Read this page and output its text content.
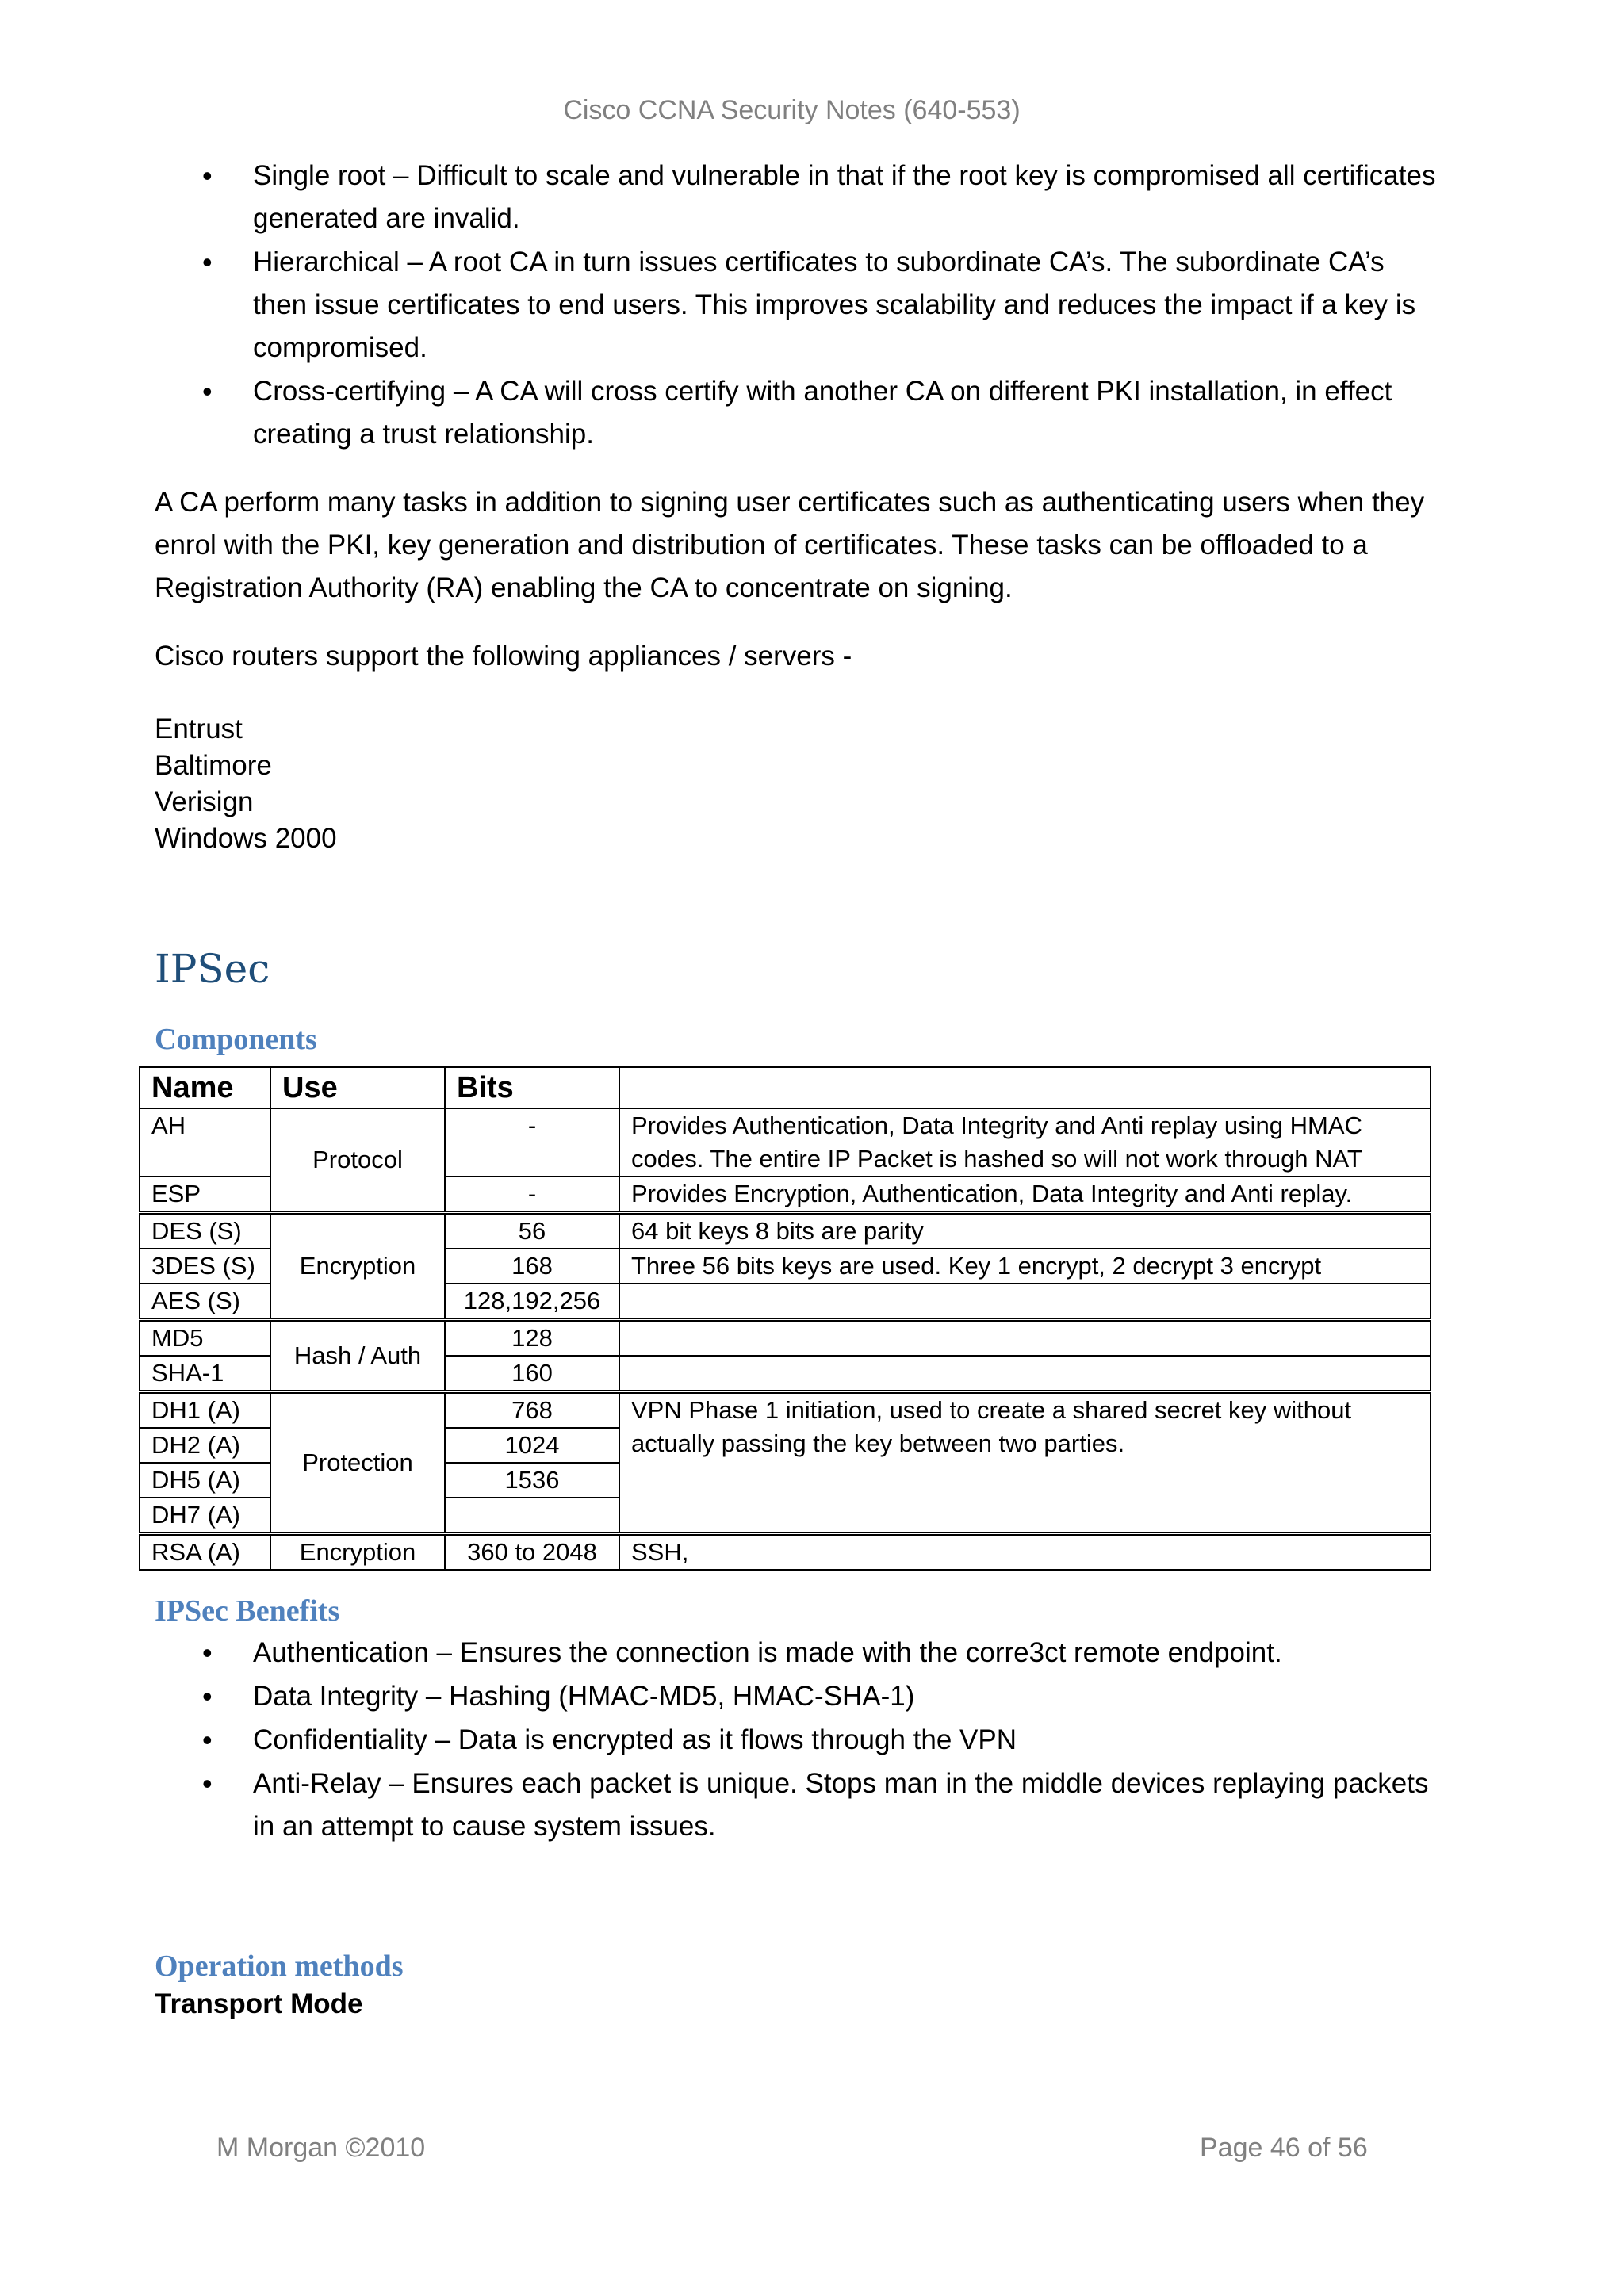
Cisco CCNA Security Notes (640-553)
• Single root – Difficult to scale and vulnerable in that if the root key is compromised all certificates generated are invalid.
• Hierarchical – A root CA in turn issues certificates to subordinate CA’s. The subordinate CA’s then issue certificates to end users. This improves scalability and reduces the impact if a key is compromised.
• Cross-certifying – A CA will cross certify with another CA on different PKI installation, in effect creating a trust relationship.

A CA perform many tasks in addition to signing user certificates such as authenticating users when they enrol with the PKI, key generation and distribution of certificates. These tasks can be offloaded to a Registration Authority (RA) enabling the CA to concentrate on signing.

Cisco routers support the following appliances / servers -

Entrust
Baltimore
Verisign
Windows 2000
IPSec
Components
Name	Use	Bits	
AH	Protocol	-	Provides Authentication, Data Integrity and Anti replay using HMAC codes. The entire IP Packet is hashed so will not work through NAT
ESP		-	Provides Encryption, Authentication, Data Integrity and Anti replay.
DES (S)	Encryption	56	64 bit keys 8 bits are parity
3DES (S)		168	Three 56 bits keys are used. Key 1 encrypt, 2 decrypt 3 encrypt
AES (S)		128,192,256	
MD5	Hash / Auth	128	
SHA-1		160	
DH1 (A)	Protection	768	VPN Phase 1 initiation, used to create a shared secret key without actually passing the key between two parties.
DH2 (A)		1024	
DH5 (A)		1536	
DH7 (A)			
RSA (A)	Encryption	360 to 2048	SSH,
IPSec Benefits
• Authentication – Ensures the connection is made with the corre3ct remote endpoint.
• Data Integrity – Hashing (HMAC-MD5, HMAC-SHA-1)
• Confidentiality – Data is encrypted as it flows through the VPN
• Anti-Relay – Ensures each packet is unique. Stops man in the middle devices replaying packets in an attempt to cause system issues.
Operation methods
Transport Mode
M Morgan ©2010	Page 46 of 56
